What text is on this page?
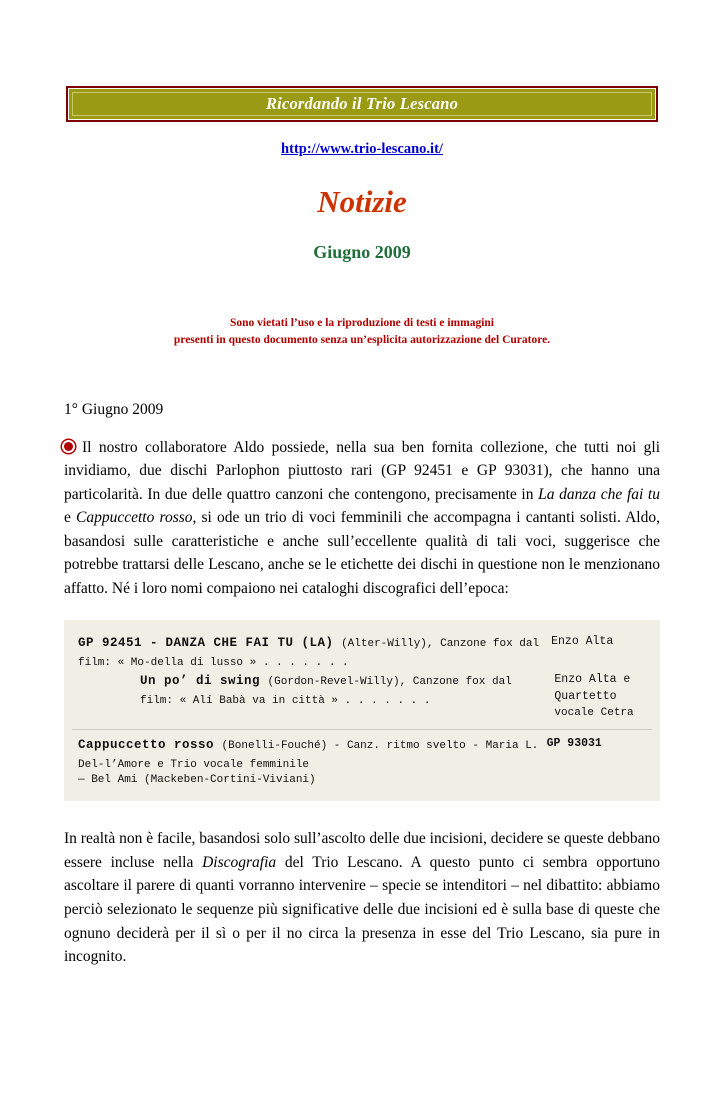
Ricordando il Trio Lescano
http://www.trio-lescano.it/
Notizie
Giugno 2009
Sono vietati l’uso e la riproduzione di testi e immagini
presenti in questo documento senza un’esplicita autorizzazione del Curatore.
1° Giugno 2009
Il nostro collaboratore Aldo possiede, nella sua ben fornita collezione, che tutti noi gli invidiamo, due dischi Parlophon piuttosto rari (GP 92451 e GP 93031), che hanno una particolarità. In due delle quattro canzoni che contengono, precisamente in La danza che fai tu e Cappuccetto rosso, si ode un trio di voci femminili che accompagna i cantanti solisti. Aldo, basandosi sulle caratteristiche e anche sull’eccellente qualità di tali voci, suggerisce che potrebbe trattarsi delle Lescano, anche se le etichette dei dischi in questione non le menzionano affatto. Né i loro nomi compaiono nei cataloghi discografici dell’epoca:
GP 92451 - DANZA CHE FAI TU (LA) (Alter-Willy), Canzone fox dal film: « Mo-della di lusso » . . . . . . .
Enzo Alta
Un po’ di swing (Gordon-Revel-Willy), Canzone fox dal film: « Alí Babà va in città » . . . . . . .
Enzo Alta e Quartetto
vocale Cetra
Cappuccetto rosso (Bonelli-Fouché) - Canz. ritmo svelto - Maria L. Del-l’Amore e Trio vocale femminile
GP 93031
— Bel Ami (Mackeben-Cortini-Viviani)
In realtà non è facile, basandosi solo sull’ascolto delle due incisioni, decidere se queste debbano essere incluse nella Discografia del Trio Lescano. A questo punto ci sembra opportuno ascoltare il parere di quanti vorranno intervenire – specie se intenditori – nel dibattito: abbiamo perciò selezionato le sequenze più significative delle due incisioni ed è sulla base di queste che ognuno deciderà per il sì o per il no circa la presenza in esse del Trio Lescano, sia pure in incognito.
